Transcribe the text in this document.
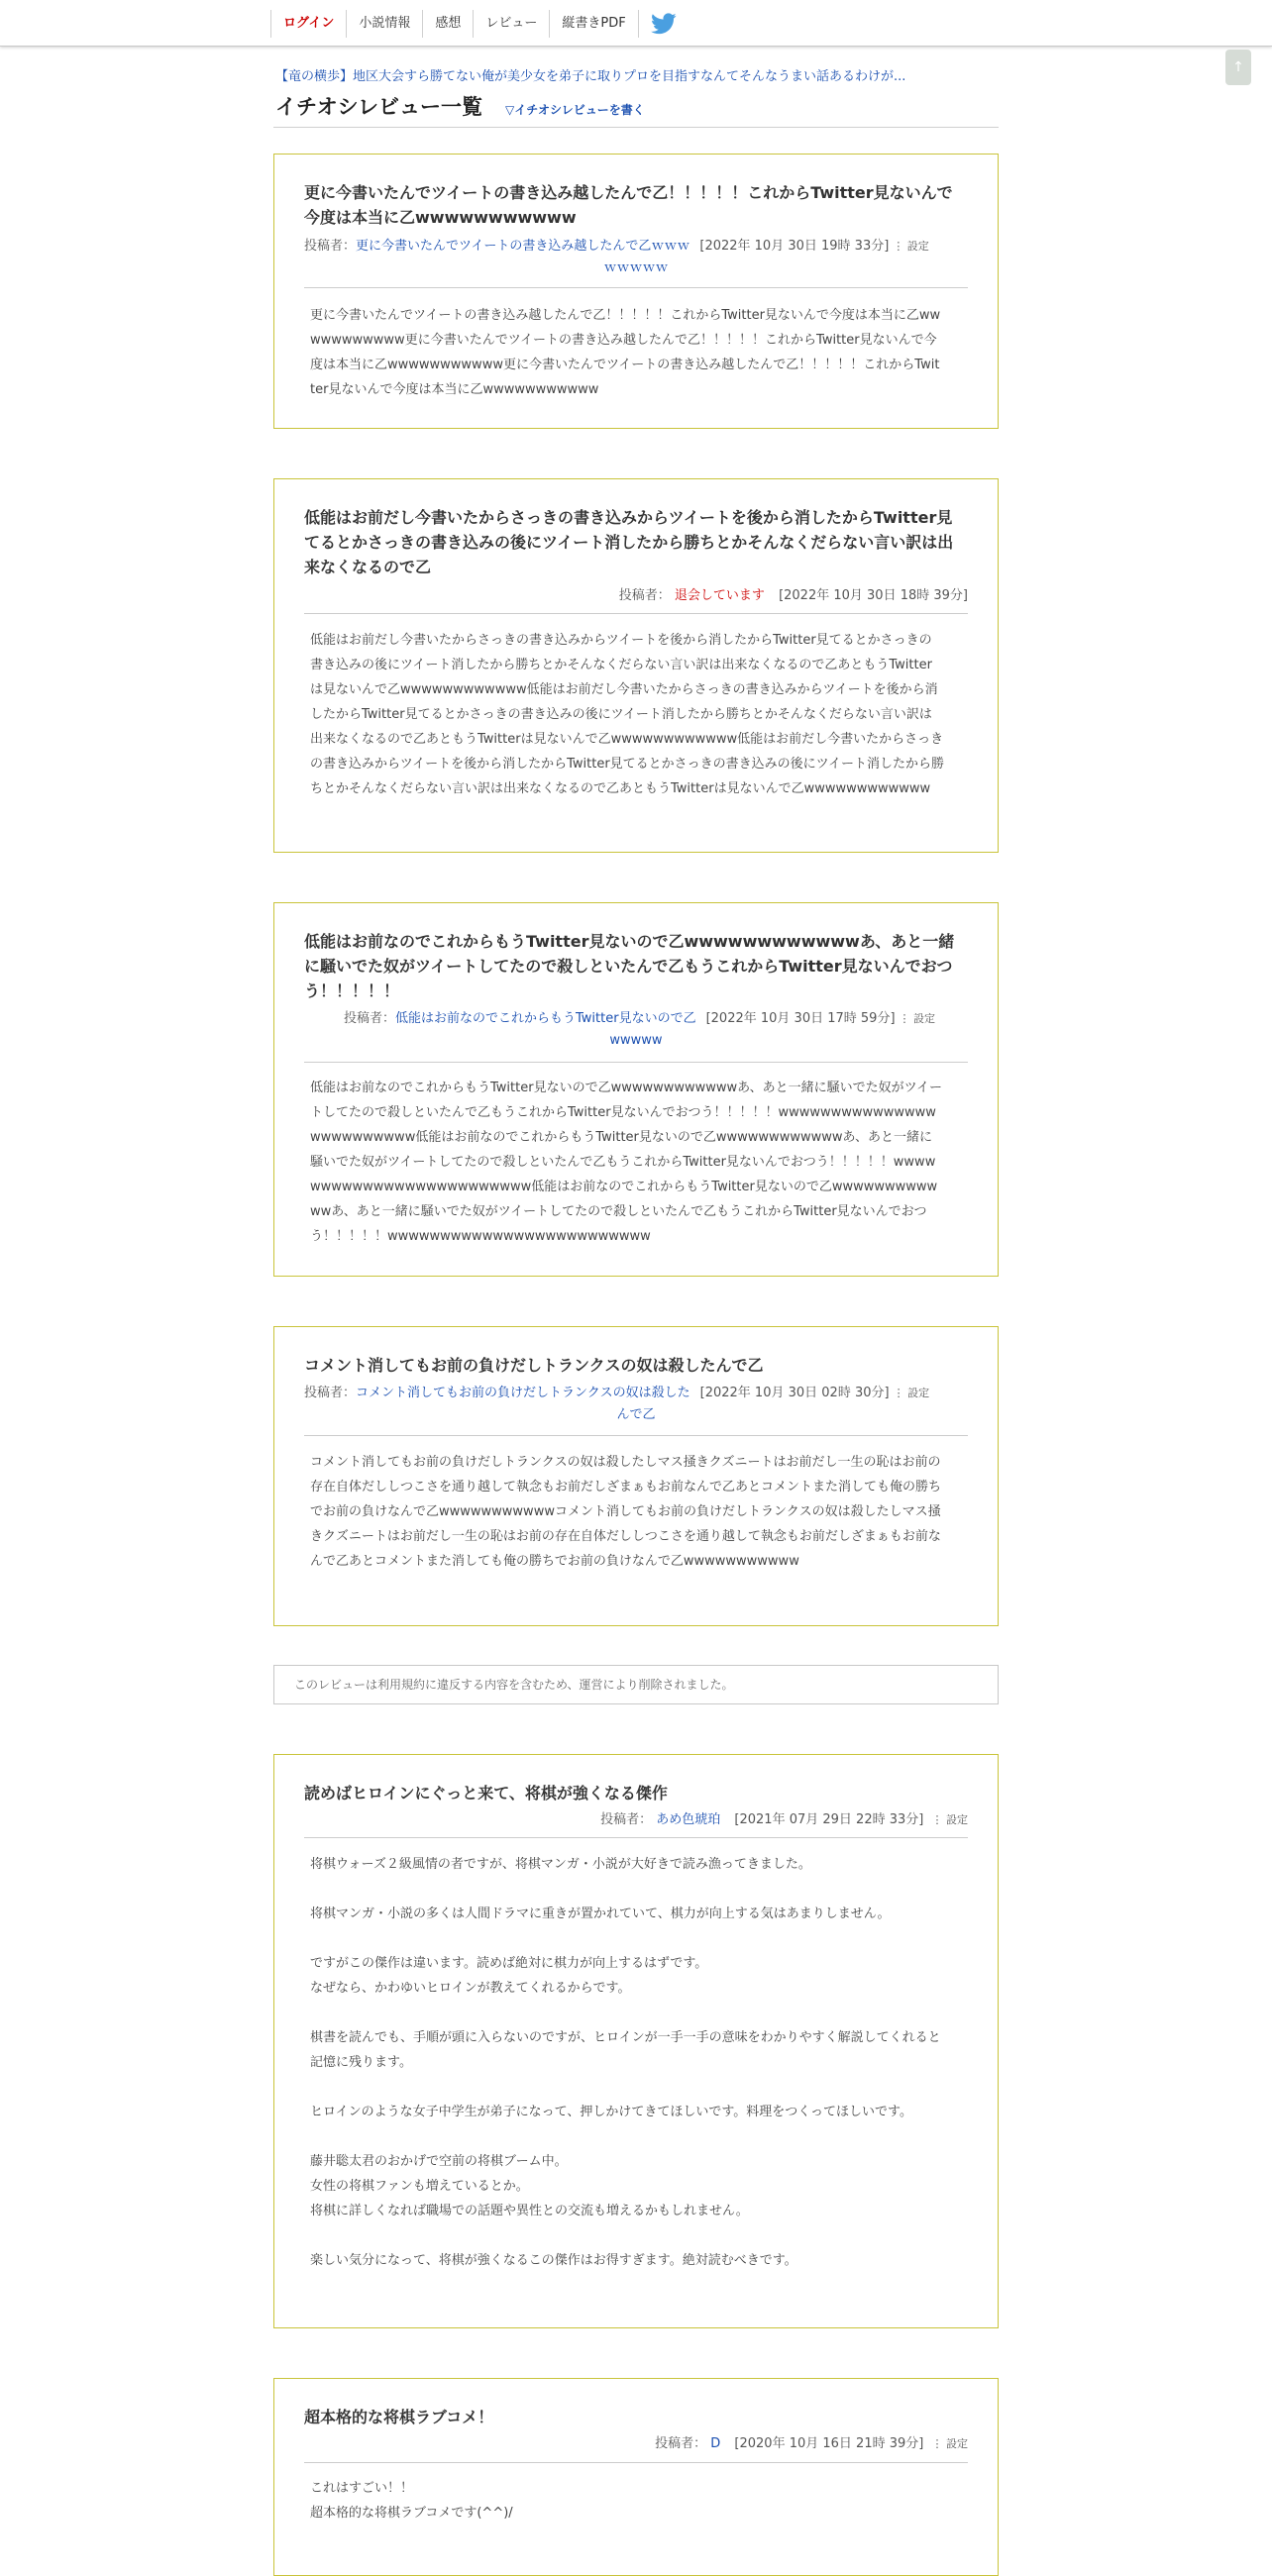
ログイン	小説情報	感想	レビュー	縦書きPDF
↑
【竜の横歩】地区大会すら勝てない俺が美少女を弟子に取りプロを目指すなんてそんなうまい話あるわけが...
イチオシレビュー一覧 ▽イチオシレビューを書く
更に今書いたんでツイートの書き込み越したんで乙！！！！！これからTwitter見ないんで今度は本当に乙wwwwwwwwwww
投稿者： 更に今書いたんでツイートの書き込み越したんで乙ｗｗｗ [2022年 10月 30日 19時 33分] ⋮ 設定
ｗｗｗｗｗ
更に今書いたんでツイートの書き込み越したんで乙！！！！！これからTwitter見ないんで今度は本当に乙wwwwwwwwwww更に今書いたんでツイートの書き込み越したんで乙！！！！！これからTwitter見ないんで今度は本当に乙wwwwwwwwwww更に今書いたんでツイートの書き込み越したんで乙！！！！！これからTwitter見ないんで今度は本当に乙wwwwwwwwwww
低能はお前だし今書いたからさっきの書き込みからツイートを後から消したからTwitter見てるとかさっきの書き込みの後にツイート消したから勝ちとかそんなくだらない言い訳は出来なくなるので乙
投稿者： 退会しています [2022年 10月 30日 18時 39分]
低能はお前だし今書いたからさっきの書き込みからツイートを後から消したからTwitter見てるとかさっきの書き込みの後にツイート消したから勝ちとかそんなくだらない言い訳は出来なくなるので乙あともうTwitterは見ないんで乙wwwwwwwwwwww低能はお前だし今書いたからさっきの書き込みからツイートを後から消したからTwitter見てるとかさっきの書き込みの後にツイート消したから勝ちとかそんなくだらない言い訳は出来なくなるので乙あともうTwitterは見ないんで乙wwwwwwwwwwww低能はお前だし今書いたからさっきの書き込みからツイートを後から消したからTwitter見てるとかさっきの書き込みの後にツイート消したから勝ちとかそんなくだらない言い訳は出来なくなるので乙あともうTwitterは見ないんで乙wwwwwwwwwwww
低能はお前なのでこれからもうTwitter見ないので乙wwwwwwwwwwwwあ、あと一緒に騒いでた奴がツイートしてたので殺しといたんで乙もうこれからTwitter見ないんでおつう！！！！！
投稿者： 低能はお前なのでこれからもうTwitter見ないので乙 [2022年 10月 30日 17時 59分] ⋮ 設定
wwwww
低能はお前なのでこれからもうTwitter見ないので乙wwwwwwwwwwwwあ、あと一緒に騒いでた奴がツイートしてたので殺しといたんで乙もうこれからTwitter見ないんでおつう！！！！！wwwwwwwwwwwwwwwwwwwwwwwww低能はお前なのでこれからもうTwitter見ないので乙wwwwwwwwwwwwあ、あと一緒に騒いでた奴がツイートしてたので殺しといたんで乙もうこれからTwitter見ないんでおつう！！！！！wwwwwwwwwwwwwwwwwwwwwwwww低能はお前なのでこれからもうTwitter見ないので乙wwwwwwwwwwwwあ、あと一緒に騒いでた奴がツイートしてたので殺しといたんで乙もうこれからTwitter見ないんでおつう！！！！！wwwwwwwwwwwwwwwwwwwwwwwww
コメント消してもお前の負けだしトランクスの奴は殺したんで乙
投稿者： コメント消してもお前の負けだしトランクスの奴は殺した [2022年 10月 30日 02時 30分] ⋮ 設定
んで乙
コメント消してもお前の負けだしトランクスの奴は殺したしマス掻きクズニートはお前だし一生の恥はお前の存在自体だししつこさを通り越して執念もお前だしざまぁもお前なんで乙あとコメントまた消しても俺の勝ちでお前の負けなんで乙wwwwwwwwwwwコメント消してもお前の負けだしトランクスの奴は殺したしマス掻きクズニートはお前だし一生の恥はお前の存在自体だししつこさを通り越して執念もお前だしざまぁもお前なんで乙あとコメントまた消しても俺の勝ちでお前の負けなんで乙wwwwwwwwwww
このレビューは利用規約に違反する内容を含むため、運営により削除されました。
読めばヒロインにぐっと来て、将棋が強くなる傑作
投稿者： あめ色琥珀 [2021年 07月 29日 22時 33分] ⋮ 設定
将棋ウォーズ２級風情の者ですが、将棋マンガ・小説が大好きで読み漁ってきました。

将棋マンガ・小説の多くは人間ドラマに重きが置かれていて、棋力が向上する気はあまりしません。

ですがこの傑作は違います。読めば絶対に棋力が向上するはずです。
なぜなら、かわゆいヒロインが教えてくれるからです。

棋書を読んでも、手順が頭に入らないのですが、ヒロインが一手一手の意味をわかりやすく解説してくれると記憶に残ります。

ヒロインのような女子中学生が弟子になって、押しかけてきてほしいです。料理をつくってほしいです。

藤井聡太君のおかげで空前の将棋ブーム中。
女性の将棋ファンも増えているとか。
将棋に詳しくなれば職場での話題や異性との交流も増えるかもしれません。

楽しい気分になって、将棋が強くなるこの傑作はお得すぎます。絶対読むべきです。
超本格的な将棋ラブコメ！
投稿者： D [2020年 10月 16日 21時 39分] ⋮ 設定
これはすごい！！
超本格的な将棋ラブコメです(^^)/
